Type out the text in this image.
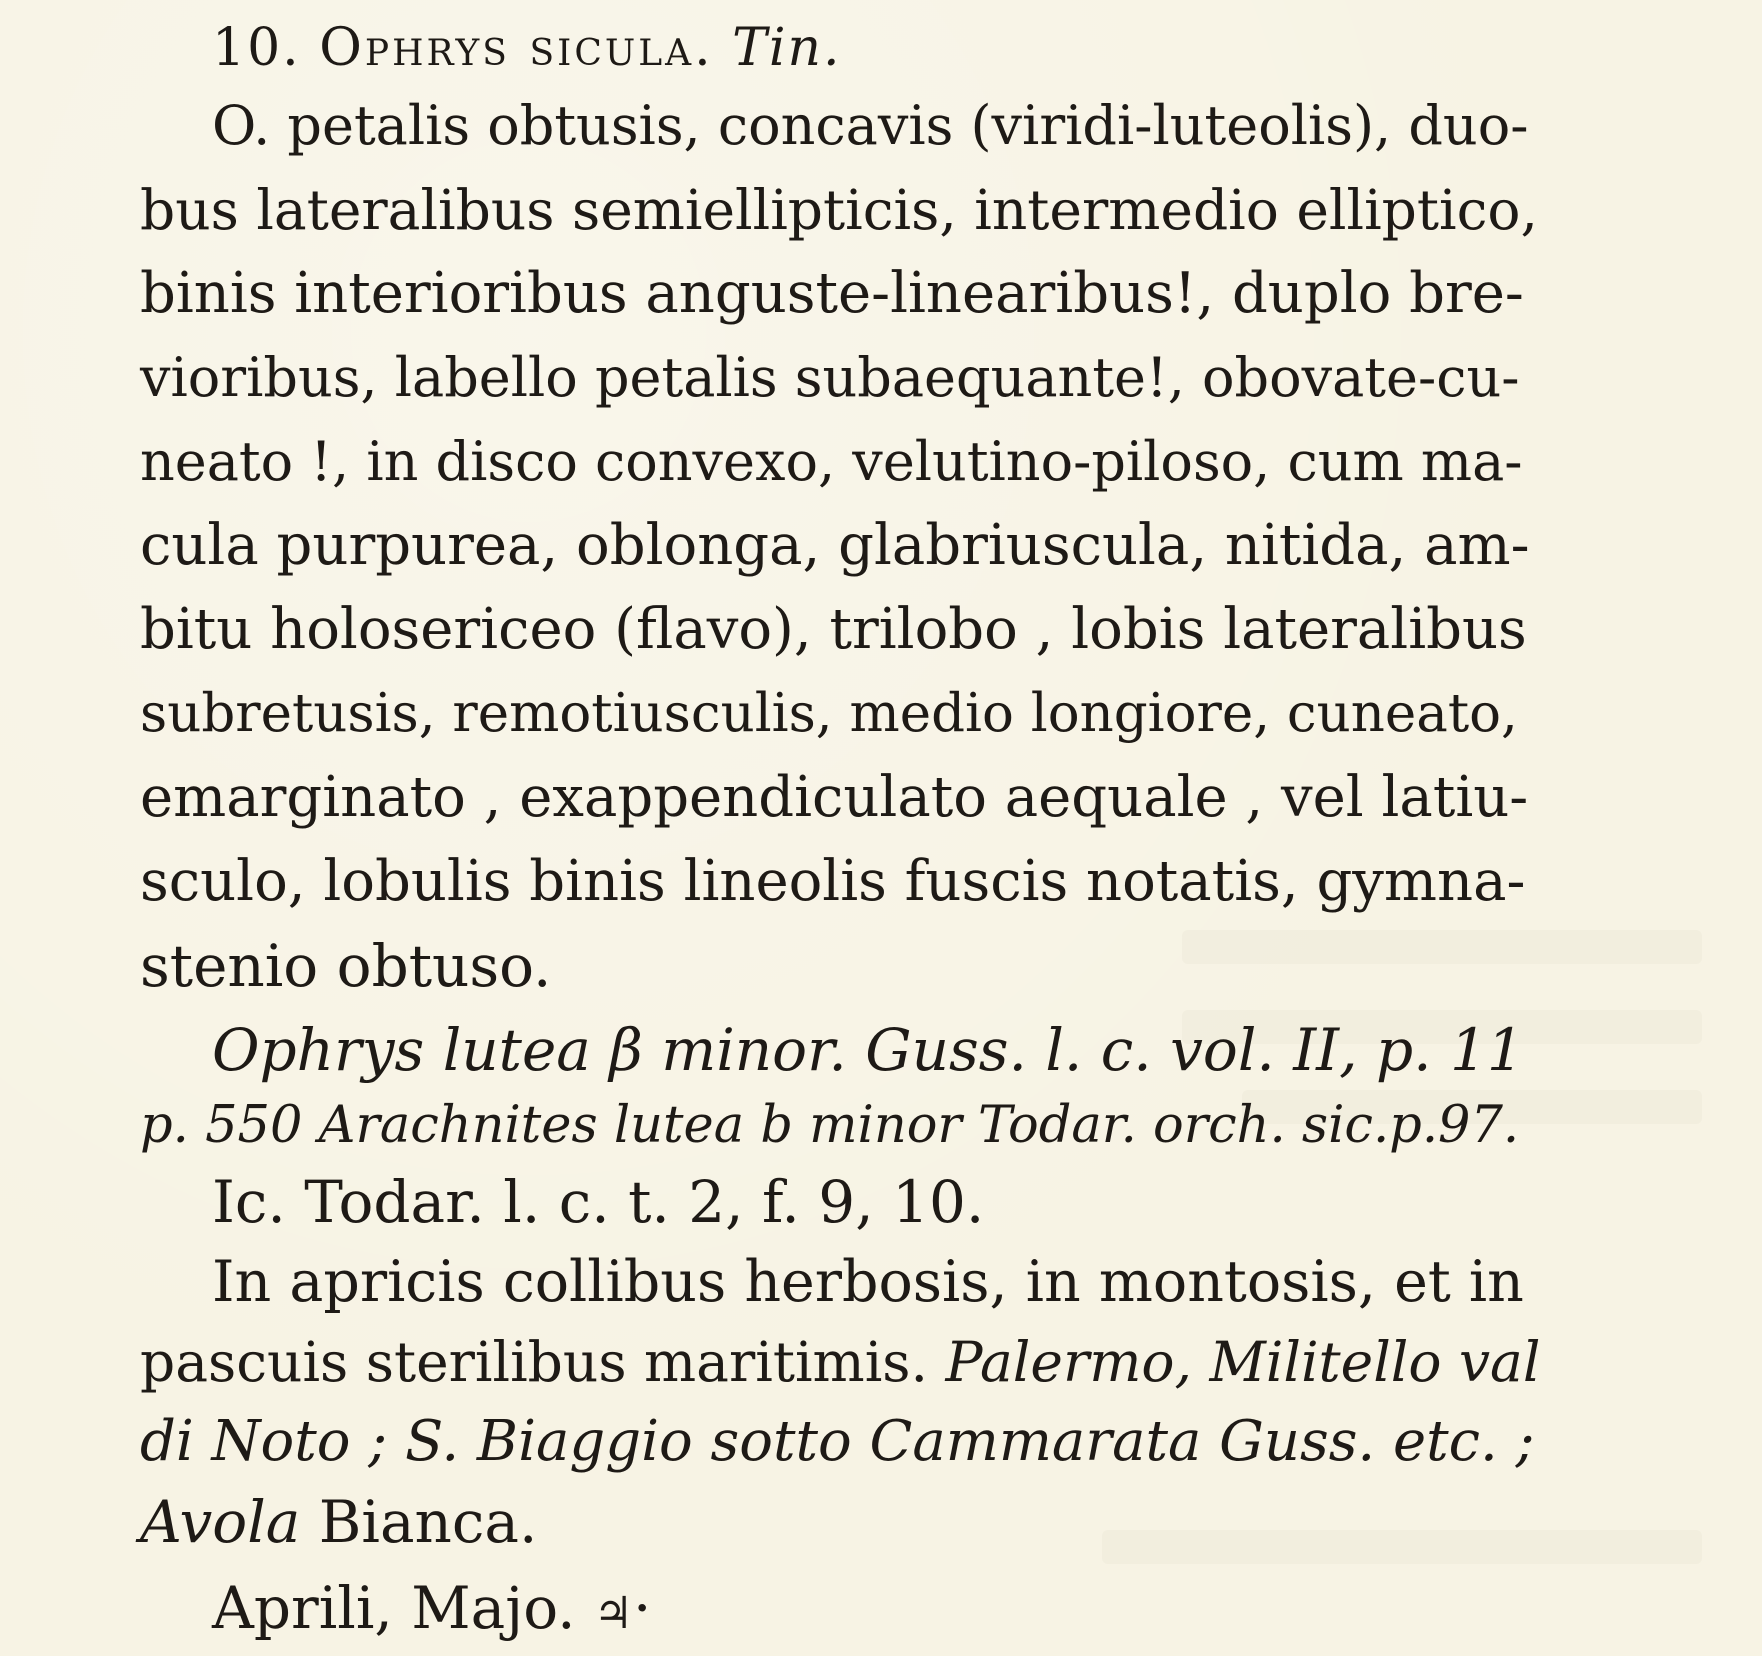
10. Ophrys sicula. Tin.
O. petalis obtusis, concavis (viridi-luteolis), duo-
bus lateralibus semiellipticis, intermedio elliptico,
binis interioribus anguste-linearibus!, duplo bre-
vioribus, labello petalis subaequante!, obovate-cu-
neato !, in disco convexo, velutino-piloso, cum ma-
cula purpurea, oblonga, glabriuscula, nitida, am-
bitu holosericeo (flavo), trilobo , lobis lateralibus
subretusis, remotiusculis, medio longiore, cuneato,
emarginato , exappendiculato aequale , vel latiu-
sculo, lobulis binis lineolis fuscis notatis, gymna-
stenio obtuso.
Ophrys lutea β minor. Guss. l. c. vol. II, p. 11
p. 550 Arachnites lutea b minor Todar. orch. sic.p.97.
Ic. Todar. l. c. t. 2, f. 9, 10.
In apricis collibus herbosis, in montosis, et in
pascuis sterilibus maritimis. Palermo, Militello val
di Noto ; S. Biaggio sotto Cammarata Guss. etc. ;
Avola Bianca.
Aprili, Majo. ♃·
